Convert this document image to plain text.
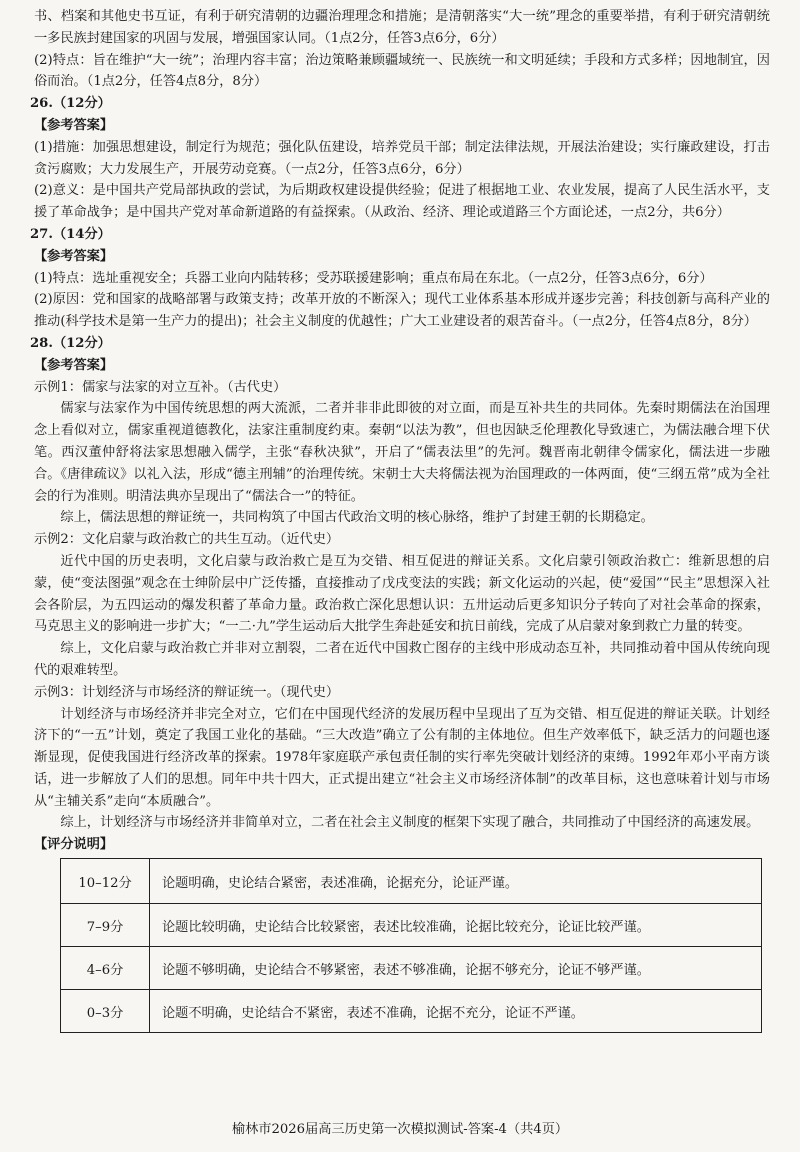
书、档案和其他史书互证，有利于研究清朝的边疆治理理念和措施；是清朝落实“大一统”理念的重要举措，有利于研究清朝统一多民族封建国家的巩固与发展，增强国家认同。（1点2分，任答3点6分，6分）

(2)特点：旨在维护“大一统”；治理内容丰富；治边策略兼顾疆域统一、民族统一和文明延续；手段和方式多样；因地制宜，因俗而治。（1点2分，任答4点8分，8分）

26.（12分）

【参考答案】

(1)措施：加强思想建设，制定行为规范；强化队伍建设，培养党员干部；制定法律法规，开展法治建设；实行廉政建设，打击贪污腐败；大力发展生产，开展劳动竞赛。（一点2分，任答3点6分，6分）

(2)意义：是中国共产党局部执政的尝试，为后期政权建设提供经验；促进了根据地工业、农业发展，提高了人民生活水平，支援了革命战争；是中国共产党对革命新道路的有益探索。（从政治、经济、理论或道路三个方面论述，一点2分，共6分）

27.（14分）

【参考答案】

(1)特点：选址重视安全；兵器工业向内陆转移；受苏联援建影响；重点布局在东北。（一点2分，任答3点6分，6分）

(2)原因：党和国家的战略部署与政策支持；改革开放的不断深入；现代工业体系基本形成并逐步完善；科技创新与高科产业的推动(科学技术是第一生产力的提出)；社会主义制度的优越性；广大工业建设者的艰苦奋斗。（一点2分，任答4点8分，8分）

28.（12分）

【参考答案】

示例1：儒家与法家的对立互补。（古代史）

儒家与法家作为中国传统思想的两大流派，二者并非非此即彼的对立面，而是互补共生的共同体。先秦时期儒法在治国理念上看似对立，儒家重视道德教化，法家注重制度约束。秦朝“以法为教”，但也因缺乏伦理教化导致速亡，为儒法融合埋下伏笔。西汉董仲舒将法家思想融入儒学，主张“春秋决狱”，开启了“儒表法里”的先河。魏晋南北朝律令儒家化，儒法进一步融合。《唐律疏议》以礼入法，形成“德主刑辅”的治理传统。宋朝士大夫将儒法视为治国理政的一体两面，使“三纲五常”成为全社会的行为准则。明清法典亦呈现出了“儒法合一”的特征。

综上，儒法思想的辩证统一，共同构筑了中国古代政治文明的核心脉络，维护了封建王朝的长期稳定。

示例2：文化启蒙与政治救亡的共生互动。（近代史）

近代中国的历史表明，文化启蒙与政治救亡是互为交错、相互促进的辩证关系。文化启蒙引领政治救亡：维新思想的启蒙，使“变法图强”观念在士绅阶层中广泛传播，直接推动了戊戌变法的实践；新文化运动的兴起，使“爱国”“民主”思想深入社会各阶层，为五四运动的爆发积蓄了革命力量。政治救亡深化思想认识：五卅运动后更多知识分子转向了对社会革命的探索，马克思主义的影响进一步扩大；“一二·九”学生运动后大批学生奔赴延安和抗日前线，完成了从启蒙对象到救亡力量的转变。

综上，文化启蒙与政治救亡并非对立割裂，二者在近代中国救亡图存的主线中形成动态互补，共同推动着中国从传统向现代的艰难转型。

示例3：计划经济与市场经济的辩证统一。（现代史）

计划经济与市场经济并非完全对立，它们在中国现代经济的发展历程中呈现出了互为交错、相互促进的辩证关联。计划经济下的“一五”计划，奠定了我国工业化的基础。“三大改造”确立了公有制的主体地位。但生产效率低下，缺乏活力的问题也逐渐显现，促使我国进行经济改革的探索。1978年家庭联产承包责任制的实行率先突破计划经济的束缚。1992年邓小平南方谈话，进一步解放了人们的思想。同年中共十四大，正式提出建立“社会主义市场经济体制”的改革目标，这也意味着计划与市场从“主辅关系”走向“本质融合”。

综上，计划经济与市场经济并非简单对立，二者在社会主义制度的框架下实现了融合，共同推动了中国经济的高速发展。

【评分说明】

10–12分	论题明确，史论结合紧密，表述准确，论据充分，论证严谨。
7–9分	论题比较明确，史论结合比较紧密，表述比较准确，论据比较充分，论证比较严谨。
4–6分	论题不够明确，史论结合不够紧密，表述不够准确，论据不够充分，论证不够严谨。
0–3分	论题不明确，史论结合不紧密，表述不准确，论据不充分，论证不严谨。
榆林市2026届高三历史第一次模拟测试-答案-4（共4页）
